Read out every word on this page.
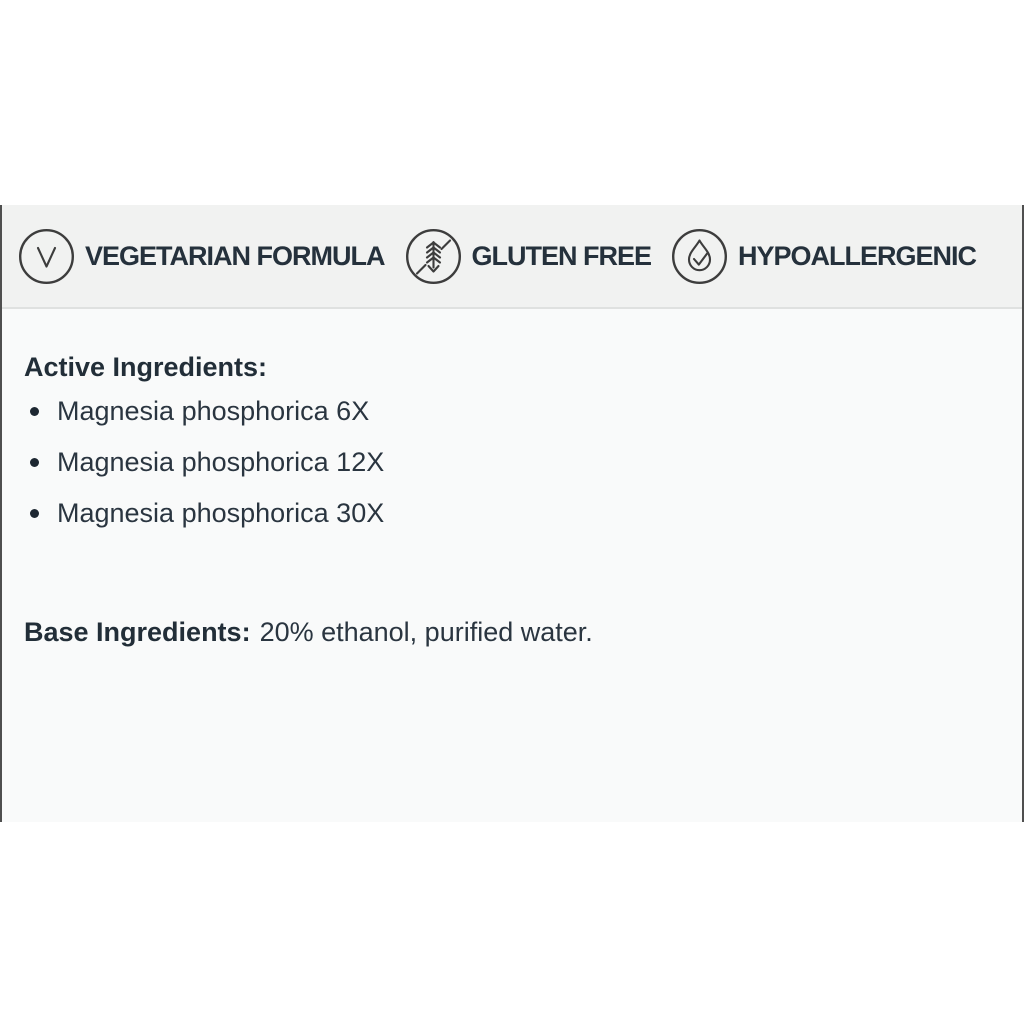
VEGETARIAN FORMULA	GLUTEN FREE	HYPOALLERGENIC
Active Ingredients:
Magnesia phosphorica 6X
Magnesia phosphorica 12X
Magnesia phosphorica 30X

Base Ingredients: 20% ethanol, purified water.
